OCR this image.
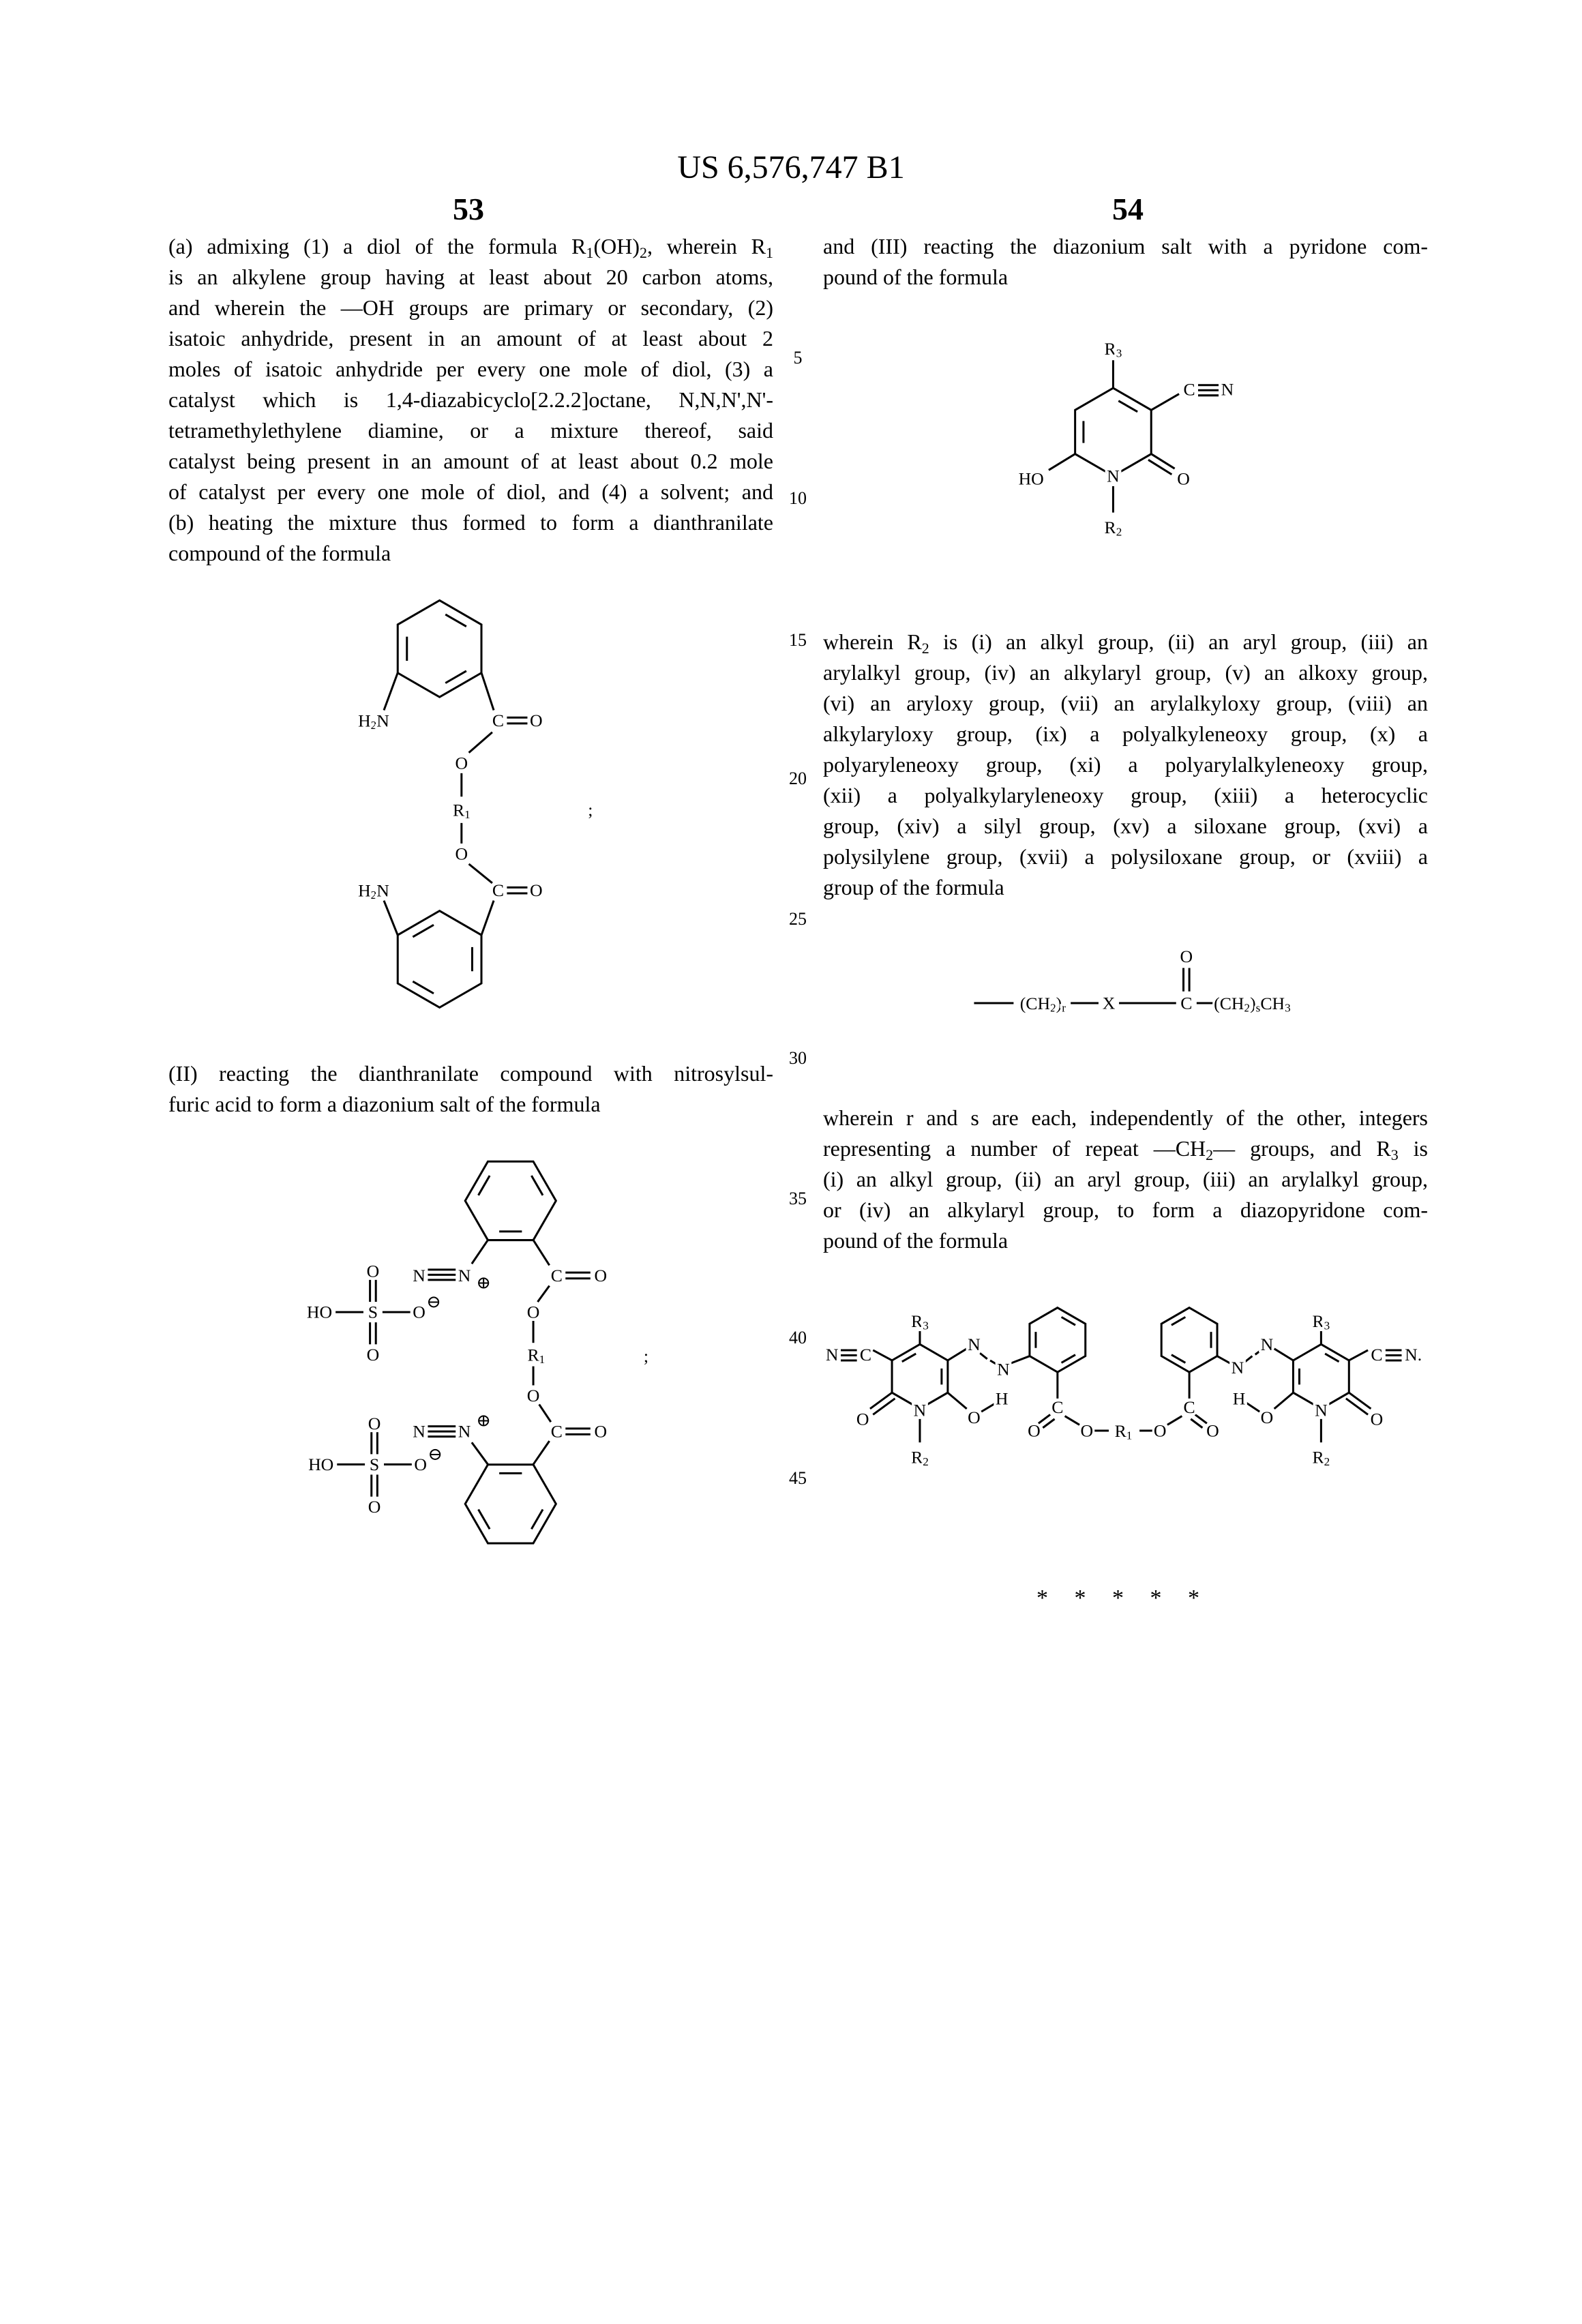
US 6,576,747 B1
53	54
(a) admixing (1) a diol of the formula R1(OH)2, wherein R1
is an alkylene group having at least about 20 carbon atoms,
and wherein the —OH groups are primary or secondary, (2)
isatoic anhydride, present in an amount of at least about 2
moles of isatoic anhydride per every one mole of diol, (3) a
catalyst which is 1,4-diazabicyclo[2.2.2]octane, N,N,N',N'-
tetramethylethylene diamine, or a mixture thereof, said
catalyst being present in an amount of at least about 0.2 mole
of catalyst per every one mole of diol, and (4) a solvent; and
(b) heating the mixture thus formed to form a dianthranilate
compound of the formula
(II) reacting the dianthranilate compound with nitrosylsul-
furic acid to form a diazonium salt of the formula
and (III) reacting the diazonium salt with a pyridone com-
pound of the formula
wherein R2 is (i) an alkyl group, (ii) an aryl group, (iii) an
arylalkyl group, (iv) an alkylaryl group, (v) an alkoxy group,
(vi) an aryloxy group, (vii) an arylalkyloxy group, (viii) an
alkylaryloxy group, (ix) a polyalkyleneoxy group, (x) a
polyaryleneoxy group, (xi) a polyarylalkyleneoxy group,
(xii) a polyalkylaryleneoxy group, (xiii) a heterocyclic
group, (xiv) a silyl group, (xv) a siloxane group, (xvi) a
polysilylene group, (xvii) a polysiloxane group, or (xviii) a
group of the formula
wherein r and s are each, independently of the other, integers
representing a number of repeat —CH2— groups, and R3 is
(i) an alkyl group, (ii) an aryl group, (iii) an arylalkyl group,
or (iv) an alkylaryl group, to form a diazopyridone com-
pound of the formula
5
10
15
20
25
30
35
40
45
* * * * *
H2N	C	O
O
R1
O
H2N	C	O
;
N	N ⊕	C	O
O
R1
O
;
N	N
⊕
C	O
O
HO	S	O
⊖
O
O
HO	S	O
⊖
O
R3
C	N
O
HO	N
R2
(CH2)r	X	C
O
(CH2)sCH3
R3
N	C
O	N
R2
O
H
N
N
C
O	O	R1	O
C
O
N
N
R3
C	N.
O
N
R2
O
H
